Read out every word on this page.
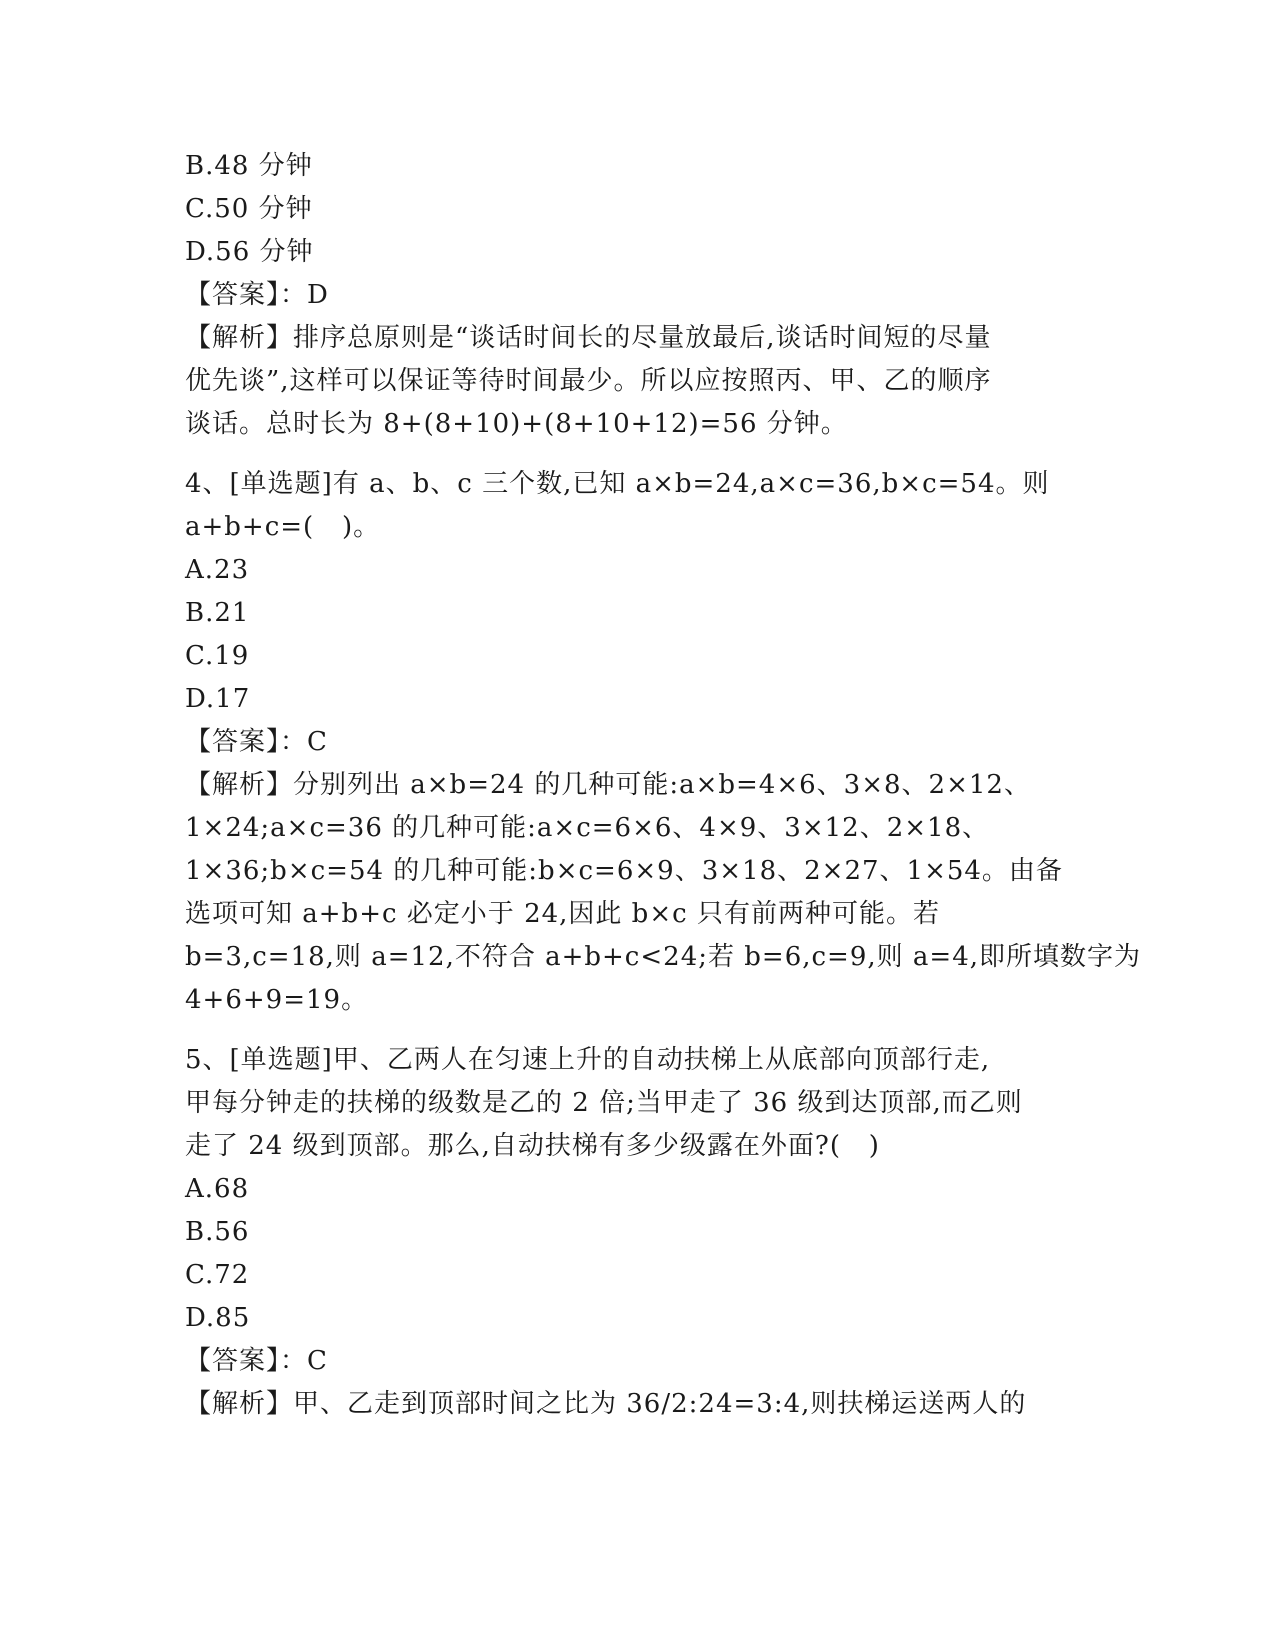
B.48 分钟
C.50 分钟
D.56 分钟
【答案】：D
【解析】排序总原则是“谈话时间长的尽量放最后,谈话时间短的尽量
优先谈”,这样可以保证等待时间最少。所以应按照丙、甲、乙的顺序
谈话。总时长为 8+(8+10)+(8+10+12)=56 分钟。
4、[单选题]有 a、b、c 三个数,已知 a×b=24,a×c=36,b×c=54。则
a+b+c=(   )。
A.23
B.21
C.19
D.17
【答案】：C
【解析】分别列出 a×b=24 的几种可能:a×b=4×6、3×8、2×12、
1×24;a×c=36 的几种可能:a×c=6×6、4×9、3×12、2×18、
1×36;b×c=54 的几种可能:b×c=6×9、3×18、2×27、1×54。由备
选项可知 a+b+c 必定小于 24,因此 b×c 只有前两种可能。若
b=3,c=18,则 a=12,不符合 a+b+c<24;若 b=6,c=9,则 a=4,即所填数字为
4+6+9=19。
5、[单选题]甲、乙两人在匀速上升的自动扶梯上从底部向顶部行走,
甲每分钟走的扶梯的级数是乙的 2 倍;当甲走了 36 级到达顶部,而乙则
走了 24 级到顶部。那么,自动扶梯有多少级露在外面?(   )
A.68
B.56
C.72
D.85
【答案】：C
【解析】甲、乙走到顶部时间之比为 36/2:24=3:4,则扶梯运送两人的
